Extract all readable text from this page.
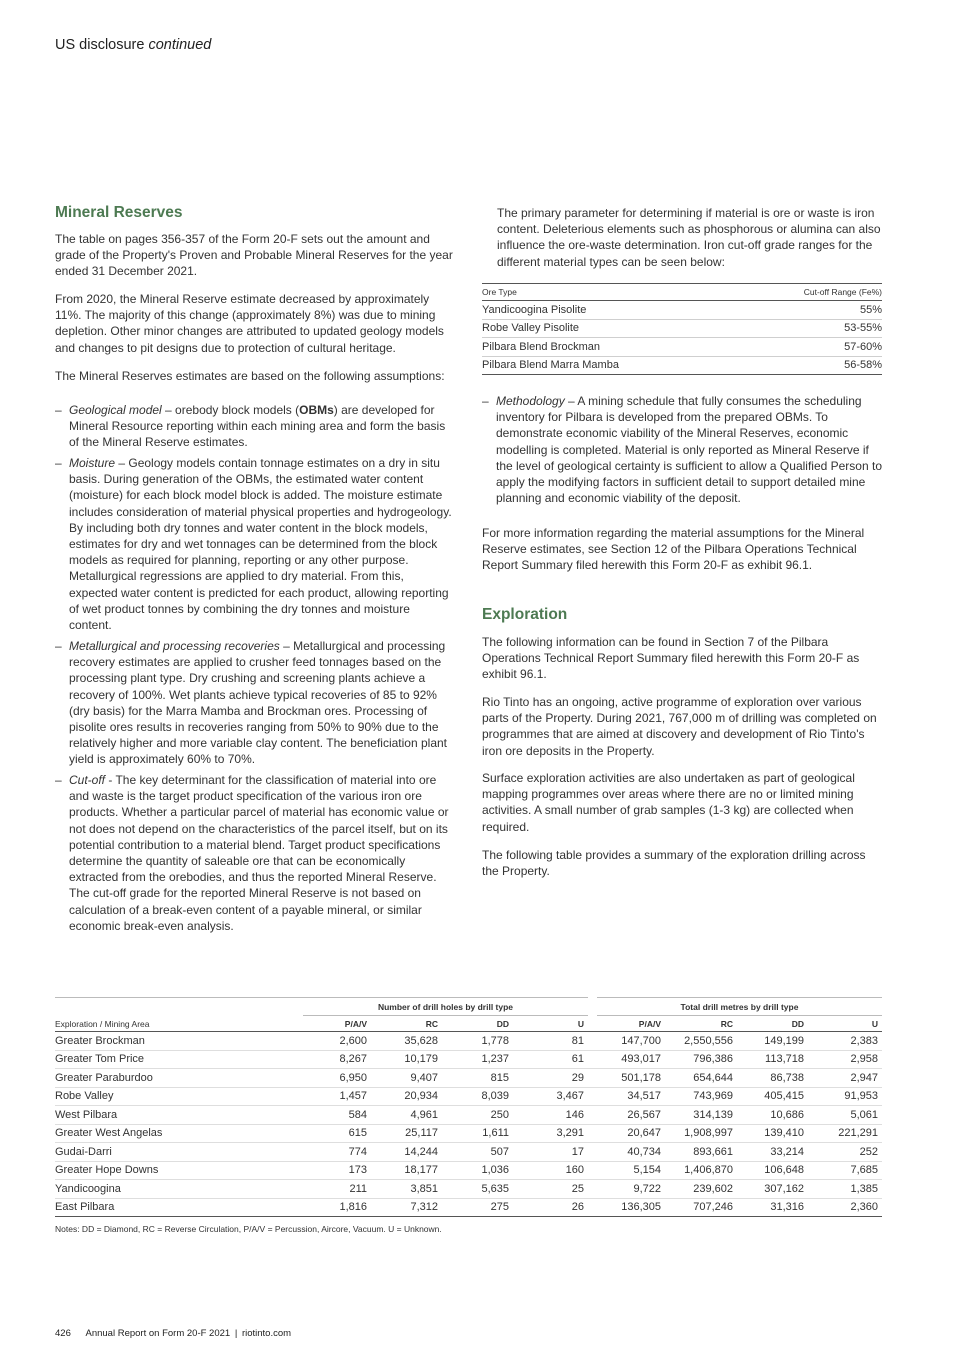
US disclosure continued
Mineral Reserves

The table on pages 356-357 of the Form 20-F sets out the amount and grade of the Property's Proven and Probable Mineral Reserves for the year ended 31 December 2021.

From 2020, the Mineral Reserve estimate decreased by approximately 11%. The majority of this change (approximately 8%) was due to mining depletion. Other minor changes are attributed to updated geology models and changes to pit designs due to protection of cultural heritage.

The Mineral Reserves estimates are based on the following assumptions:

– Geological model – orebody block models (OBMs) are developed for Mineral Resource reporting within each mining area and form the basis of the Mineral Reserve estimates.
– Moisture – Geology models contain tonnage estimates on a dry in situ basis. During generation of the OBMs, the estimated water content (moisture) for each block model block is added. The moisture estimate includes consideration of material physical properties and hydrogeology. By including both dry tonnes and water content in the block models, estimates for dry and wet tonnages can be determined from the block models as required for planning, reporting or any other purpose. Metallurgical regressions are applied to dry material. From this, expected water content is predicted for each product, allowing reporting of wet product tonnes by combining the dry tonnes and moisture content.
– Metallurgical and processing recoveries – Metallurgical and processing recovery estimates are applied to crusher feed tonnages based on the processing plant type. Dry crushing and screening plants achieve a recovery of 100%. Wet plants achieve typical recoveries of 85 to 92% (dry basis) for the Marra Mamba and Brockman ores. Processing of pisolite ores results in recoveries ranging from 50% to 90% due to the relatively higher and more variable clay content. The beneficiation plant yield is approximately 60% to 70%.
– Cut-off - The key determinant for the classification of material into ore and waste is the target product specification of the various iron ore products. Whether a particular parcel of material has economic value or not does not depend on the characteristics of the parcel itself, but on its potential contribution to a material blend. Target product specifications determine the quantity of saleable ore that can be economically extracted from the orebodies, and thus the reported Mineral Reserve. The cut-off grade for the reported Mineral Reserve is not based on calculation of a break-even content of a payable mineral, or similar economic break-even analysis.

The primary parameter for determining if material is ore or waste is iron content. Deleterious elements such as phosphorous or alumina can also influence the ore-waste determination. Iron cut-off grade ranges for the different material types can be seen below:

Ore Type	Cut-off Range (Fe%)
Yandicoogina Pisolite	55%
Robe Valley Pisolite	53-55%
Pilbara Blend Brockman	57-60%
Pilbara Blend Marra Mamba	56-58%
– Methodology – A mining schedule that fully consumes the scheduling inventory for Pilbara is developed from the prepared OBMs. To demonstrate economic viability of the Mineral Reserves, economic modelling is completed. Material is only reported as Mineral Reserve if the level of geological certainty is sufficient to allow a Qualified Person to apply the modifying factors in sufficient detail to support detailed mine planning and economic viability of the deposit.

For more information regarding the material assumptions for the Mineral Reserve estimates, see Section 12 of the Pilbara Operations Technical Report Summary filed herewith this Form 20-F as exhibit 96.1.

Exploration

The following information can be found in Section 7 of the Pilbara Operations Technical Report Summary filed herewith this Form 20-F as exhibit 96.1.

Rio Tinto has an ongoing, active programme of exploration over various parts of the Property. During 2021, 767,000 m of drilling was completed on programmes that are aimed at discovery and development of Rio Tinto's iron ore deposits in the Property.

Surface exploration activities are also undertaken as part of geological mapping programmes over areas where there are no or limited mining activities. A small number of grab samples (1-3 kg) are collected when required.

The following table provides a summary of the exploration drilling across the Property.

Number of drill holes by drill type	Total drill metres by drill type
Exploration / Mining Area	P/A/V	RC	DD	U	P/A/V	RC	DD	U
Greater Brockman	2,600	35,628	1,778	81	147,700	2,550,556	149,199	2,383
Greater Tom Price	8,267	10,179	1,237	61	493,017	796,386	113,718	2,958
Greater Paraburdoo	6,950	9,407	815	29	501,178	654,644	86,738	2,947
Robe Valley	1,457	20,934	8,039	3,467	34,517	743,969	405,415	91,953
West Pilbara	584	4,961	250	146	26,567	314,139	10,686	5,061
Greater West Angelas	615	25,117	1,611	3,291	20,647	1,908,997	139,410	221,291
Gudai-Darri	774	14,244	507	17	40,734	893,661	33,214	252
Greater Hope Downs	173	18,177	1,036	160	5,154	1,406,870	106,648	7,685
Yandicoogina	211	3,851	5,635	25	9,722	239,602	307,162	1,385
East Pilbara	1,816	7,312	275	26	136,305	707,246	31,316	2,360
Notes: DD = Diamond, RC = Reverse Circulation, P/A/V = Percussion, Aircore, Vacuum. U = Unknown.
426 Annual Report on Form 20-F 2021 | riotinto.com
